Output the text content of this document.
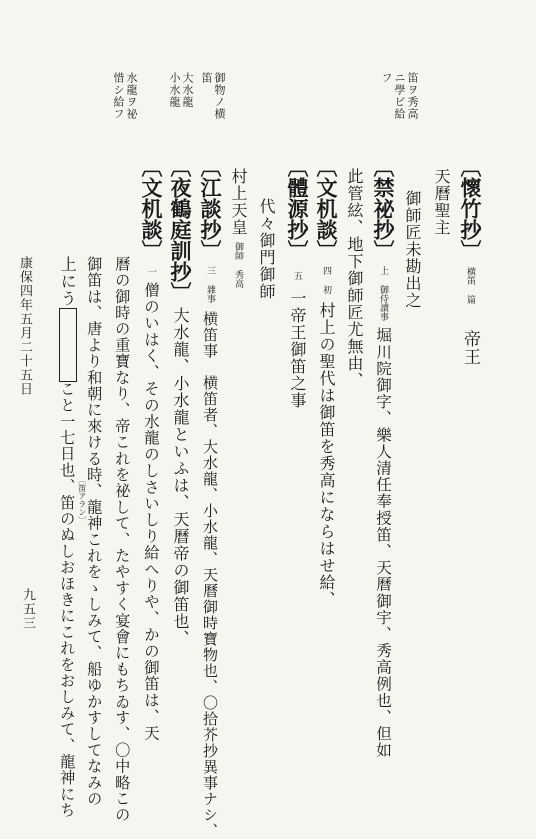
笛ヲ秀高
ニ學ビ給
フ
御物ノ横
笛
大水龍
小水龍
水龍ヲ祕
惜シ給フ
〔懷竹抄〕横笛 篇帝王
天曆聖主
御師匠未勘出之
〔禁祕抄〕上 御侍讀事堀川院御字、樂人清任奉授笛、天曆御宇、秀高例也、但如
此管絃、地下御師匠尤無由、
〔文机談〕四 初村上の聖代は御笛を秀高にならはせ給、
〔體源抄〕五一帝王御笛之事
代々御門御師
村上天皇御師 秀高
〔江談抄〕三 雜事横笛事　横笛者、大水龍、小水龍、天曆御時寶物也、〇拾芥抄異事ナシ、
〔夜鶴庭訓抄〕大水龍、小水龍といふは、天曆帝の御笛也、
〔文机談〕一僧のいはく、その水龍のしさいしり給へりや、かの御笛は、天
曆の御時の重寶なり、帝これを祕して、たやすく宴會にもちゐす、〇中略この
御笛は、唐より和朝に來ける時、龍神これをゝしみて、船ゆかすしてなみの
上にうこと一七日也、笛のぬしおほきにこれをおしみて、龍神にち 〔笛アラン〕
康保四年五月二十五日
九五三
